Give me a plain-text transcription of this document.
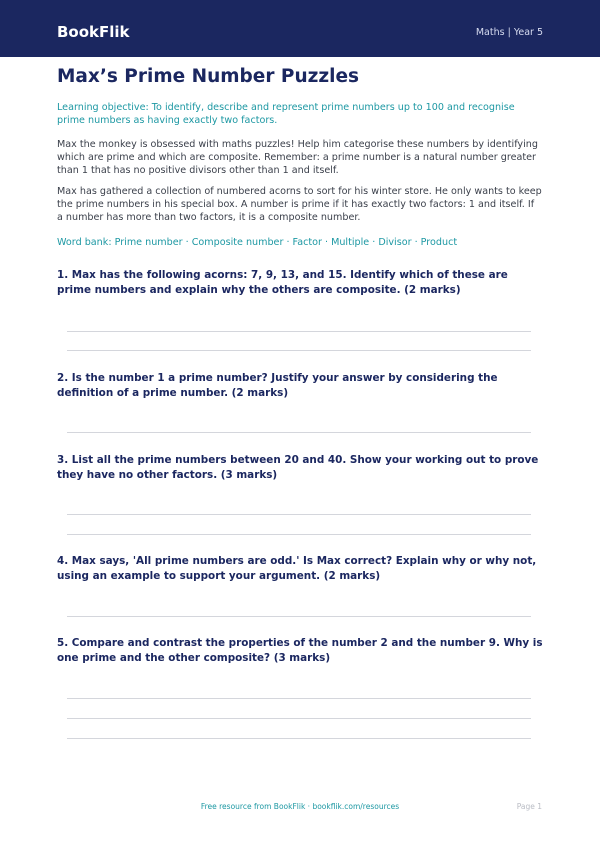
BookFlik	Maths | Year 5
Max’s Prime Number Puzzles

Learning objective: To identify, describe and represent prime numbers up to 100 and recognise prime numbers as having exactly two factors.

Max the monkey is obsessed with maths puzzles! Help him categorise these numbers by identifying which are prime and which are composite. Remember: a prime number is a natural number greater than 1 that has no positive divisors other than 1 and itself.

Max has gathered a collection of numbered acorns to sort for his winter store. He only wants to keep the prime numbers in his special box. A number is prime if it has exactly two factors: 1 and itself. If a number has more than two factors, it is a composite number.

Word bank: Prime number · Composite number · Factor · Multiple · Divisor · Product

1. Max has the following acorns: 7, 9, 13, and 15. Identify which of these are prime numbers and explain why the others are composite. (2 marks)

2. Is the number 1 a prime number? Justify your answer by considering the definition of a prime number. (2 marks)

3. List all the prime numbers between 20 and 40. Show your working out to prove they have no other factors. (3 marks)

4. Max says, 'All prime numbers are odd.' Is Max correct? Explain why or why not, using an example to support your argument. (2 marks)

5. Compare and contrast the properties of the number 2 and the number 9. Why is one prime and the other composite? (3 marks)

Free resource from BookFlik · bookflik.com/resources	Page 1
